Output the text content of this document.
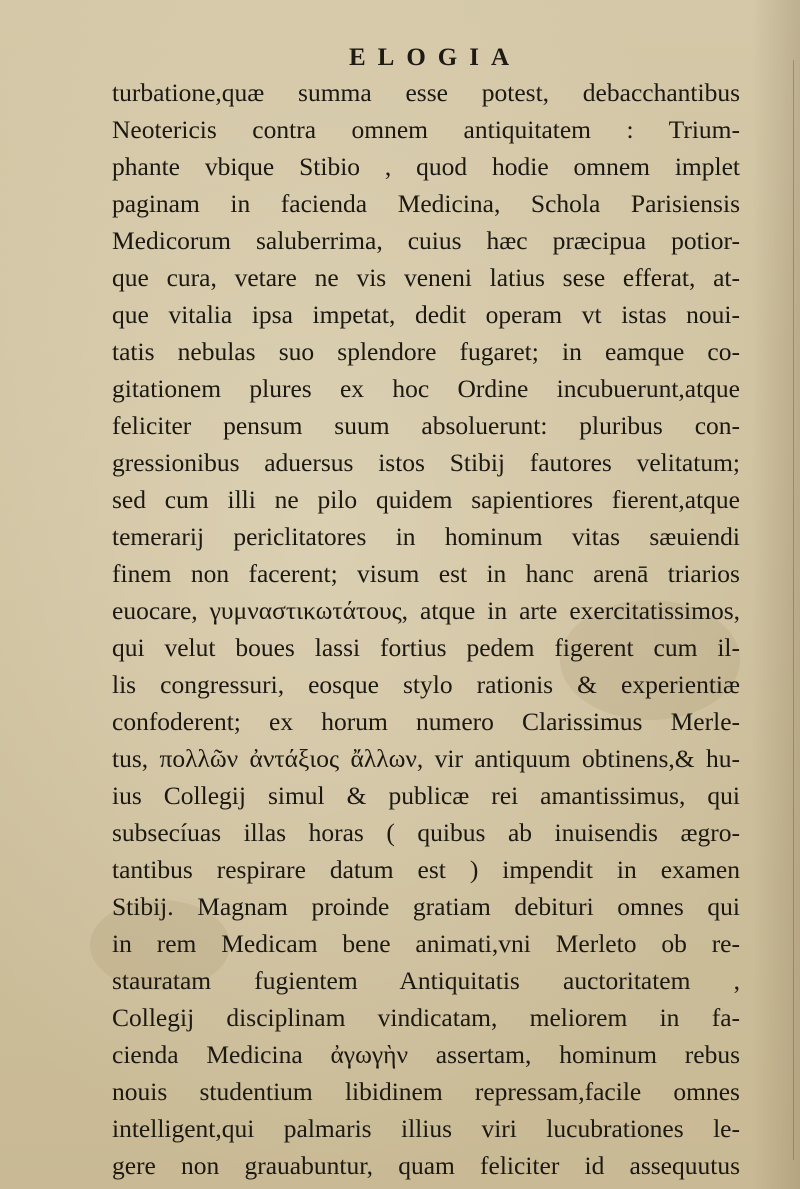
ELOGIA
turbatione,quæ summa esse potest, debacchantibus
Neotericis contra omnem antiquitatem : Trium-
phante vbique Stibio , quod hodie omnem implet
paginam in facienda Medicina, Schola Parisiensis
Medicorum saluberrima, cuius hæc præcipua potior-
que cura, vetare ne vis veneni latius sese efferat, at-
que vitalia ipsa impetat, dedit operam vt istas noui-
tatis nebulas suo splendore fugaret; in eamque co-
gitationem plures ex hoc Ordine incubuerunt,atque
feliciter pensum suum absoluerunt: pluribus con-
gressionibus aduersus istos Stibij fautores velitatum;
sed cum illi ne pilo quidem sapientiores fierent,atque
temerarij periclitatores in hominum vitas sæuiendi
finem non facerent; visum est in hanc arenā triarios
euocare, γυμναστικωτάτους, atque in arte exercitatissimos,
qui velut boues lassi fortius pedem figerent cum il-
lis congressuri, eosque stylo rationis & experientiæ
confoderent; ex horum numero Clarissimus Merle-
tus, πολλῶν ἀντάξιος ἄλλων, vir antiquum obtinens,& hu-
ius Collegij simul & publicæ rei amantissimus, qui
subsecíuas illas horas ( quibus ab inuisendis ægro-
tantibus respirare datum est ) impendit in examen
Stibij. Magnam proinde gratiam debituri omnes qui
in rem Medicam bene animati,vni Merleto ob re-
stauratam fugientem Antiquitatis auctoritatem ,
Collegij disciplinam vindicatam, meliorem in fa-
cienda Medicina ἀγωγὴν assertam, hominum rebus
nouis studentium libidinem repressam,facile omnes
intelligent,qui palmaris illius viri lucubrationes le-
gere non grauabuntur, quam feliciter id assequutus
